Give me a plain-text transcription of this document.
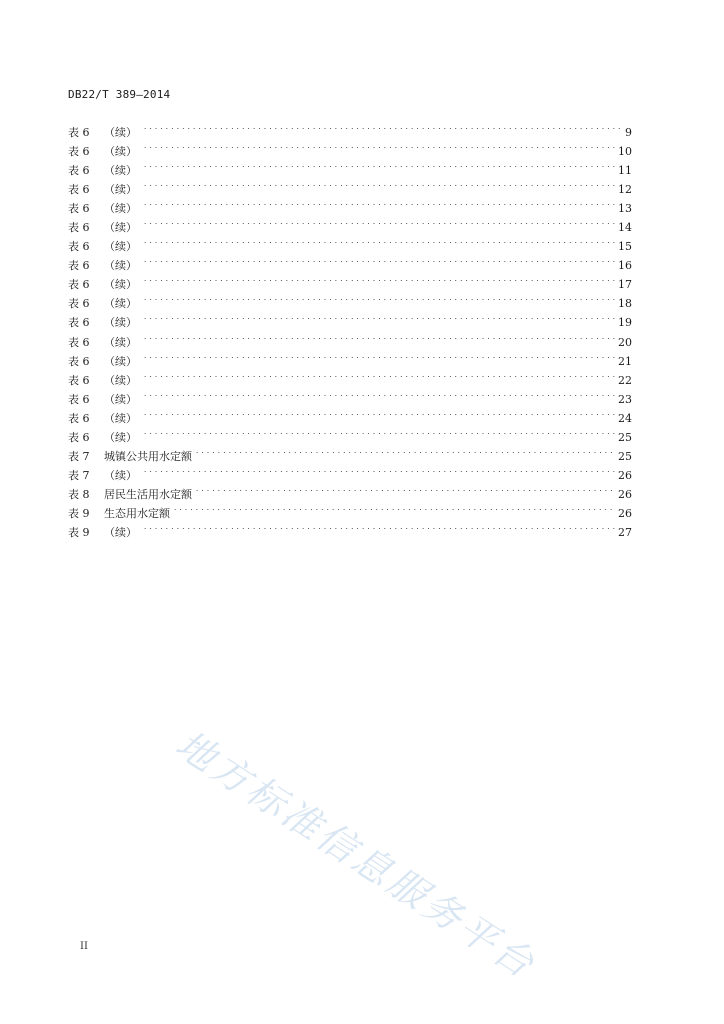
DB22/T 389—2014
表 6	（续） . . .	9
表 6	（续） . . .	10
表 6	（续） . . .	11
表 6	（续） . . .	12
表 6	（续） . . .	13
表 6	（续） . . .	14
表 6	（续） . . .	15
表 6	（续） . . .	16
表 6	（续） . . .	17
表 6	（续） . . .	18
表 6	（续） . . .	19
表 6	（续） . . .	20
表 6	（续） . . .	21
表 6	（续） . . .	22
表 6	（续） . . .	23
表 6	（续） . . .	24
表 6	（续） . . .	25
表 7	城镇公共用水定额 . . .	25
表 7	（续） . . .	26
表 8	居民生活用水定额 . . .	26
表 9	生态用水定额 . . .	26
表 9	（续） . . .	27
地方标准信息服务平台
II
